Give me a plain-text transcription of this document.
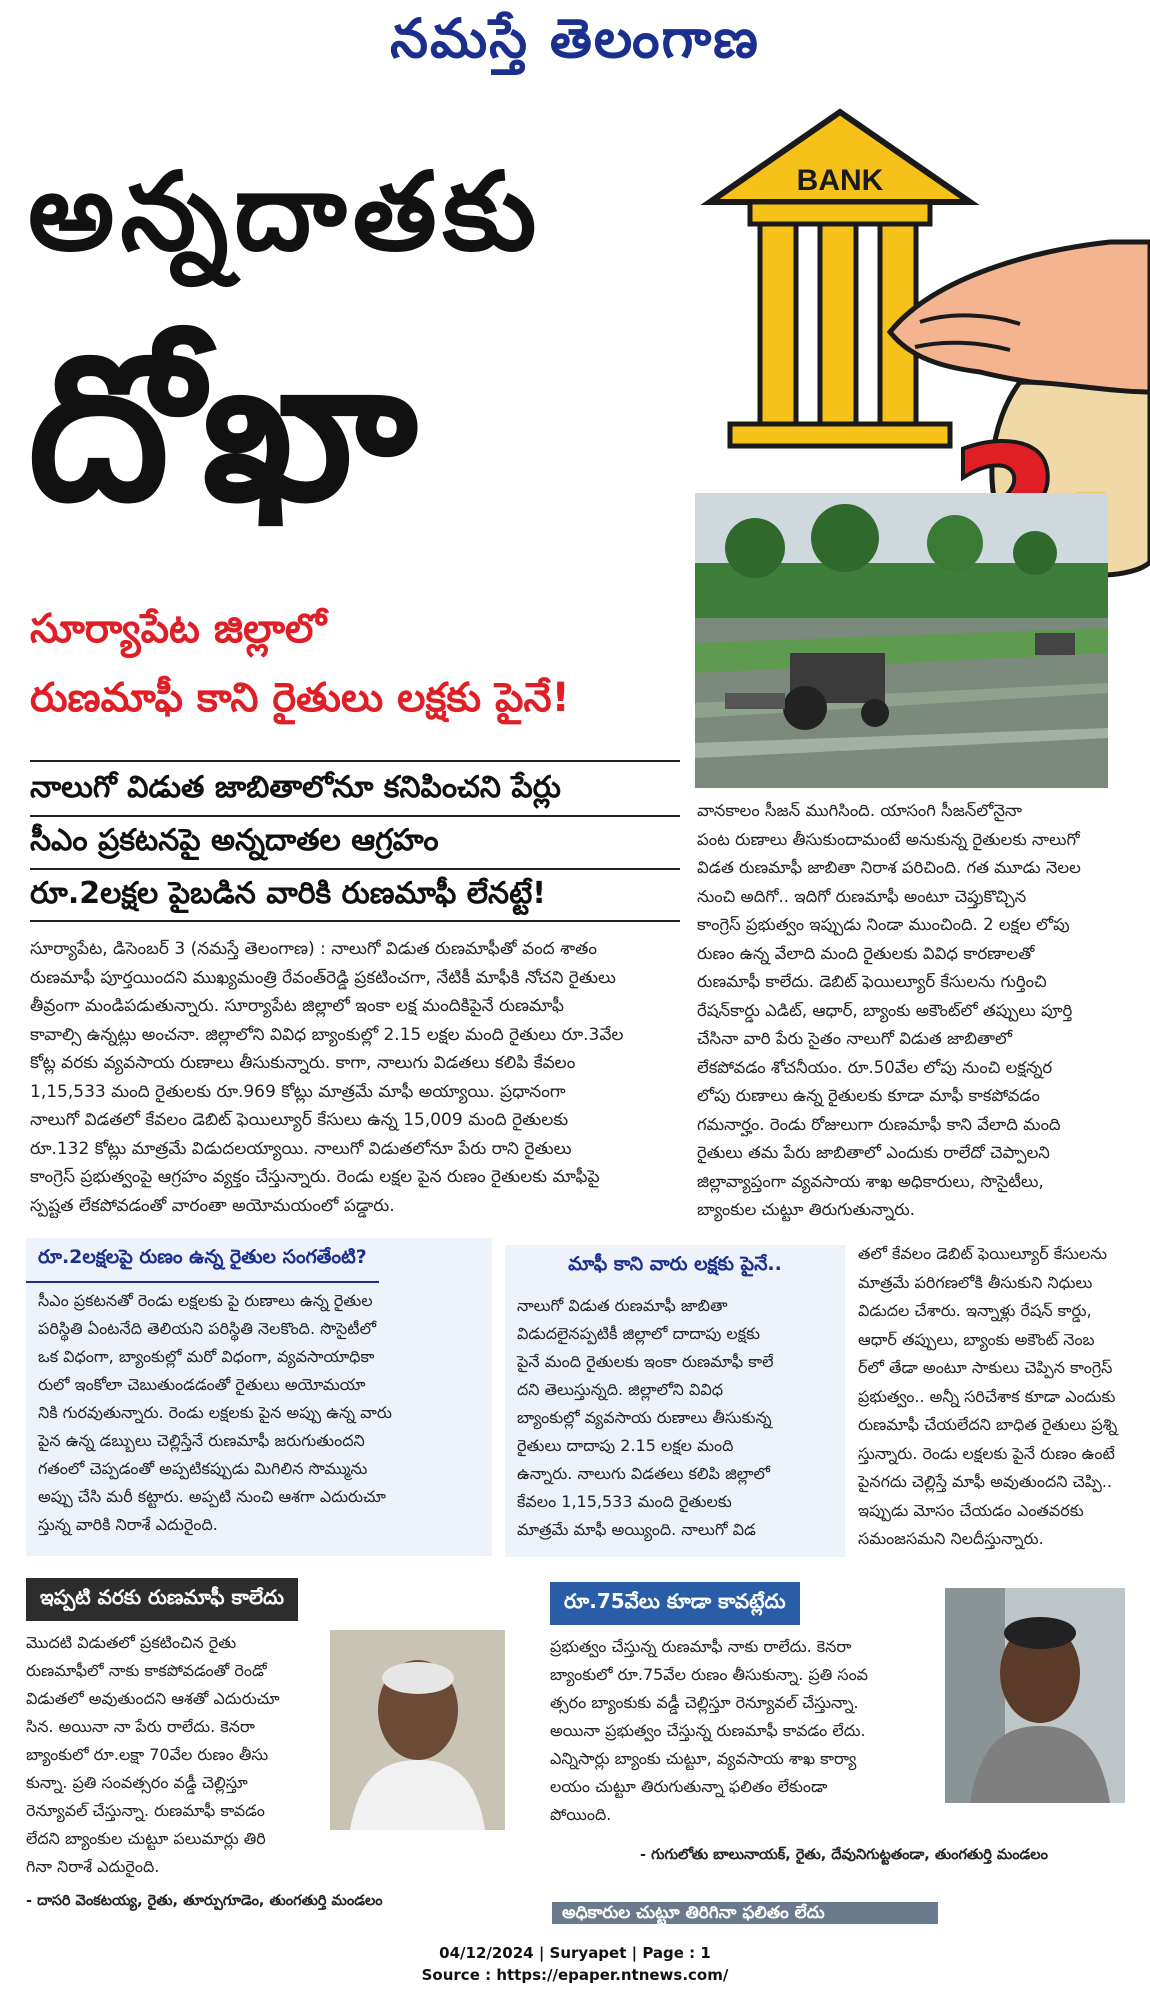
నమస్తే తెలంగాణ
అన్నదాతకు
దోఖా
BANK
సూర్యాపేట జిల్లాలో
రుణమాఫీ కాని రైతులు లక్షకు పైనే!
నాలుగో విడుత జాబితాలోనూ కనిపించని పేర్లు
సీఎం ప్రకటనపై అన్నదాతల ఆగ్రహం
రూ.2లక్షల పైబడిన వారికి రుణమాఫీ లేనట్టే!
సూర్యాపేట, డిసెంబర్ 3 (నమస్తే తెలంగాణ) : నాలుగో విడుత రుణమాఫీతో వంద శాతం
రుణమాఫీ పూర్తయిందని ముఖ్యమంత్రి రేవంత్‌రెడ్డి ప్రకటించగా, నేటికీ మాఫీకి నోచని రైతులు
తీవ్రంగా మండిపడుతున్నారు. సూర్యాపేట జిల్లాలో ఇంకా లక్ష మందికిపైనే రుణమాఫీ
కావాల్సి ఉన్నట్లు అంచనా. జిల్లాలోని వివిధ బ్యాంకుల్లో 2.15 లక్షల మంది రైతులు రూ.3వేల
కోట్ల వరకు వ్యవసాయ రుణాలు తీసుకున్నారు. కాగా, నాలుగు విడతలు కలిపి కేవలం
1,15,533 మంది రైతులకు రూ.969 కోట్లు మాత్రమే మాఫీ అయ్యాయి. ప్రధానంగా
నాలుగో విడతలో కేవలం డెబిట్ ఫెయిల్యూర్ కేసులు ఉన్న 15,009 మంది రైతులకు
రూ.132 కోట్లు మాత్రమే విడుదలయ్యాయి. నాలుగో విడుతలోనూ పేరు రాని రైతులు
కాంగ్రెస్ ప్రభుత్వంపై ఆగ్రహం వ్యక్తం చేస్తున్నారు. రెండు లక్షల పైన రుణం రైతులకు మాఫీపై
స్పష్టత లేకపోవడంతో వారంతా అయోమయంలో పడ్డారు.
వానకాలం సీజన్ ముగిసింది. యాసంగి సీజన్‌లోనైనా
పంట రుణాలు తీసుకుందామంటే అనుకున్న రైతులకు నాలుగో
విడత రుణమాఫీ జాబితా నిరాశ పరిచింది. గత మూడు నెలల
నుంచి అదిగో.. ఇదిగో రుణమాఫీ అంటూ చెప్తుకొచ్చిన
కాంగ్రెస్ ప్రభుత్వం ఇప్పుడు నిండా ముంచింది. 2 లక్షల లోపు
రుణం ఉన్న వేలాది మంది రైతులకు వివిధ కారణాలతో
రుణమాఫీ కాలేదు. డెబిట్ ఫెయిల్యూర్ కేసులను గుర్తించి
రేషన్‌కార్డు ఎడిట్, ఆధార్, బ్యాంకు అకౌంట్‌లో తప్పులు పూర్తి
చేసినా వారి పేరు సైతం నాలుగో విడుత జాబితాలో
లేకపోవడం శోచనీయం. రూ.50వేల లోపు నుంచి లక్షన్నర
లోపు రుణాలు ఉన్న రైతులకు కూడా మాఫీ కాకపోవడం
గమనార్హం. రెండు రోజులుగా రుణమాఫీ కాని వేలాది మంది
రైతులు తమ పేరు జాబితాలో ఎందుకు రాలేదో చెప్పాలని
జిల్లావ్యాప్తంగా వ్యవసాయ శాఖ అధికారులు, సొసైటీలు,
బ్యాంకుల చుట్టూ తిరుగుతున్నారు.
రూ.2లక్షలపై రుణం ఉన్న రైతుల సంగతేంటి?
సీఎం ప్రకటనతో రెండు లక్షలకు పై రుణాలు ఉన్న రైతుల
పరిస్థితి ఏంటనేది తెలియని పరిస్థితి నెలకొంది. సొసైటీలో
ఒక విధంగా, బ్యాంకుల్లో మరో విధంగా, వ్యవసాయాధికా
రులో ఇంకోలా చెబుతుండడంతో రైతులు అయోమయా
నికి గురవుతున్నారు. రెండు లక్షలకు పైన అప్పు ఉన్న వారు
పైన ఉన్న డబ్బులు చెల్లిస్తేనే రుణమాఫీ జరుగుతుందని
గతంలో చెప్పడంతో అప్పటికప్పుడు మిగిలిన సొమ్మును
అప్పు చేసి మరీ కట్టారు. అప్పటి నుంచి ఆశగా ఎదురుచూ
స్తున్న వారికి నిరాశే ఎదురైంది.
మాఫీ కాని వారు లక్షకు పైనే..
నాలుగో విడుత రుణమాఫీ జాబితా
విడుదలైనప్పటికీ జిల్లాలో దాదాపు లక్షకు
పైనే మంది రైతులకు ఇంకా రుణమాఫీ కాలే
దని తెలుస్తున్నది. జిల్లాలోని వివిధ
బ్యాంకుల్లో వ్యవసాయ రుణాలు తీసుకున్న
రైతులు దాదాపు 2.15 లక్షల మంది
ఉన్నారు. నాలుగు విడతలు కలిపి జిల్లాలో
కేవలం 1,15,533 మంది రైతులకు
మాత్రమే మాఫీ అయ్యింది. నాలుగో విడ
తలో కేవలం డెబిట్ ఫెయిల్యూర్ కేసులను
మాత్రమే పరిగణలోకి తీసుకుని నిధులు
విడుదల చేశారు. ఇన్నాళ్లు రేషన్ కార్డు,
ఆధార్ తప్పులు, బ్యాంకు అకౌంట్ నెంబ
ర్‌లో తేడా అంటూ సాకులు చెప్పిన కాంగ్రెస్
ప్రభుత్వం.. అన్నీ సరిచేశాక కూడా ఎందుకు
రుణమాఫీ చేయలేదని బాధిత రైతులు ప్రశ్ని
స్తున్నారు. రెండు లక్షలకు పైనే రుణం ఉంటే
పైనగదు చెల్లిస్తే మాఫీ అవుతుందని చెప్పి..
ఇప్పుడు మోసం చేయడం ఎంతవరకు
సమంజసమని నిలదీస్తున్నారు.
ఇప్పటి వరకు రుణమాఫీ కాలేదు
మొదటి విడుతలో ప్రకటించిన రైతు
రుణమాఫీలో నాకు కాకపోవడంతో రెండో
విడుతలో అవుతుందని ఆశతో ఎదురుచూ
సిన. అయినా నా పేరు రాలేదు. కెనరా
బ్యాంకులో రూ.లక్షా 70వేల రుణం తీసు
కున్నా. ప్రతి సంవత్సరం వడ్డీ చెల్లిస్తూ
రెన్యూవల్ చేస్తున్నా. రుణమాఫీ కావడం
లేదని బ్యాంకుల చుట్టూ పలుమార్లు తిరి
గినా నిరాశే ఎదురైంది.
- దాసరి వెంకటయ్య, రైతు, తూర్పుగూడెం, తుంగతుర్తి మండలం
రూ.75వేలు కూడా కావట్లేదు
ప్రభుత్వం చేస్తున్న రుణమాఫీ నాకు రాలేదు. కెనరా
బ్యాంకులో రూ.75వేల రుణం తీసుకున్నా. ప్రతి సంవ
త్సరం బ్యాంకుకు వడ్డీ చెల్లిస్తూ రెన్యూవల్ చేస్తున్నా.
అయినా ప్రభుత్వం చేస్తున్న రుణమాఫీ కావడం లేదు.
ఎన్నిసార్లు బ్యాంకు చుట్టూ, వ్యవసాయ శాఖ కార్యా
లయం చుట్టూ తిరుగుతున్నా ఫలితం లేకుండా
పోయింది.
- గుగులోతు బాలునాయక్, రైతు, దేవునిగుట్టతండా, తుంగతుర్తి మండలం
అధికారుల చుట్టూ తిరిగినా ఫలితం లేదు
04/12/2024 | Suryapet | Page : 1
Source : https://epaper.ntnews.com/
